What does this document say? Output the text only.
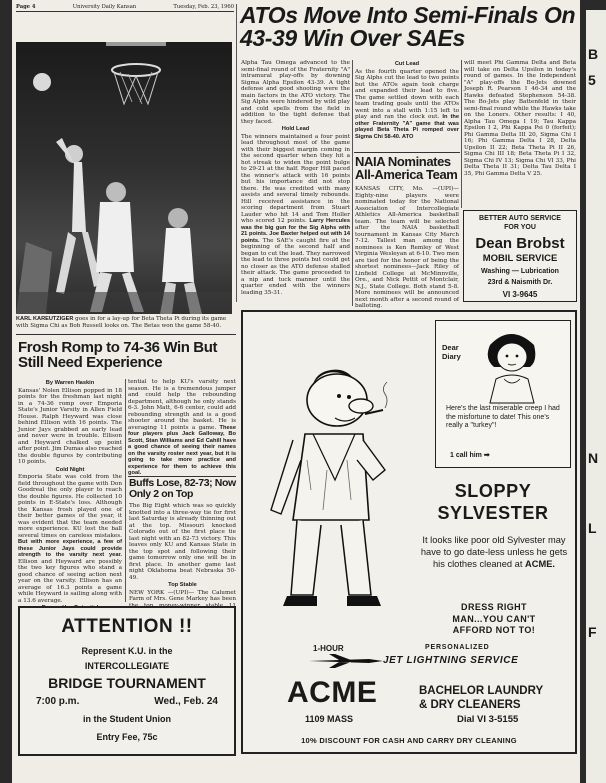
Page 4	University Daily Kansan	Tuesday, Feb. 23, 1960
KARL KAREUTZIGER goes in for a lay-up for Beta Theta Pi during its game with Sigma Chi as Bob Russell looks on. The Betas won the game 58-40.
ATOs Move Into Semi-Finals On 43-39 Win Over SAEs
Alpha Tau Omega advanced to the semi-final round of the Fraternity "A" intramural play-offs by downing Sigma Alpha Epsilon 43-39. A tight defense and good shooting were the main factors in the ATO victory. The Sig Alphs were hindered by wild play and cold spells from the field in addition to the tight defense that they faced.
Hold Lead
The winners maintained a four point lead throughout most of the game with their biggest margin coming in the second quarter when they hit a hot streak to widen the point bulge to 29-21 at the half. Roger Hill paced the winner's attack with 16 points but his importance did not stop there. He was credited with many assists and several timely rebounds. Hill received assistance in the scoring department from Stuart Lauder who hit 14 and Tom Holler who scored 12 points. Larry Hercules was the big gun for the Sig Alphs with 21 points. Joe Baxter helped out with 14 points. The SAE's caught fire at the beginning of the second half and began to cut the lead. They narrowed the lead to three points but could get no closer as the ATO defense stalled their attack. The game proceeded to a nip and tuck manner until the quarter ended with the winners leading 35-31.
Cut Lead
As the fourth quarter opened the Sig Alphs cut the lead to two points but the ATOs again took charge and expanded their lead to five. The game settled down with each team trading goals until the ATOs went into a stall with 1:15 left to play and ran the clock out. In the other Fraternity "A" game that was played Beta Theta Pi romped over Sigma Chi 58-40. ATO
will meet Phi Gamma Delta and Beta will take on Delta Upsilon in today's round of games. In the Independent "A" play-offs the Bo-Jets downed Joseph R. Pearson I 46-34 and the Hawks defeated Stephenson 54-38. The Bo-Jets play Battenfeld in their semi-final round while the Hawks take on the Loners. Other results: I 40, Alpha Tau Omega I 19; Tau Kappa Epsilon I 2, Phi Kappa Psi 0 (forfeit); Phi Gamma Delta III 20, Sigma Chi I 16; Phi Gamma Delta I 28, Delta Upsilon II 22; Beta Theta Pi II 26, Sigma Chi III 18; Beta Theta Pi I 32, Sigma Chi IV 13; Sigma Chi VI 33, Phi Delta Theta II 31; Delta Tau Delta I 35, Phi Gamma Delta V 25.
NAIA Nominates All-America Team
KANSAS CITY, Mo. —(UPI)— Eighty-nine players were nominated today for the National Association of Intercollegiate Athletics All-America basketball team. The team will be selected after the NAIA basketball tournament in Kansas City March 7-12. Tallest man among the nominees is Ken Remley of West Virginia Wesleyan at 6-10. Two men are tied for the honor of being the shortest nominees—Jack Riley of Linfield College at McMinnville, Ore., and Nick Pettit of Montclair, N.J., State College. Both stand 5-8. More nominees will be announced next month after a second round of balloting.
BETTER AUTO SERVICE
FOR YOU
Dean Brobst
MOBIL SERVICE
Washing — Lubrication
23rd & Naismith Dr.
VI 3-9645
Frosh Romp to 74-36 Win But Still Need Experience
By Warren Haskin
Kansas' Nolen Ellison popped in 18 points for the freshman last night in a 74-36 romp over Emporia State's Junior Varsity in Allen Field House. Ralph Heyward was close behind Ellison with 16 points. The Junior Jays grabbed an early lead and never were in trouble. Ellison and Heyward chalked up point after point. Jim Dumas also reached the double figures by contributing 10 points.
Cold Night
Emporia State was cold from the field throughout the game with Don Goodreal the only player to reach the double figures. He collected 10 points in E-State's loss. Although the Kansas frosh played one of their better games of the year, it was evident that the team needed more experience. KU lost the ball several times on careless mistakes. But with more experience, a few of these Junior Jays could provide strength to the varsity next year. Ellison and Heyward are possibly the two key figures who stand a good chance of seeing action next year on the varsity. Ellison has an average of 16.3 points a game while Heyward is sailing along with a 13.6 average.
tential to help KU's varsity next season. He is a tremendous jumper and could help the rebounding department, although he only stands 6-3. John Matt, 6-6 center, could add rebounding strength and is a good shooter around the basket. He is averaging 11 points a game. These four players plus Jack Galloway, Bo Scott, Stan Williams and Ed Cahill have a good chance of seeing their names on the varsity roster next year, but it is going to take more practice and experience for them to achieve this goal.
Buffs Lose, 82-73; Now Only 2 on Top
The Big Eight which was so quickly knotted into a three-way tie for first last Saturday is already thinning out at the top. Missouri knocked Colorado out of the first place tie last night with an 82-73 victory. This leaves only KU and Kansas State in the top spot and following their game tomorrow only one will be in first place. In another game last night Oklahoma beat Nebraska 50-49.
Top Stable
NEW YORK —(UPI)— The Calumet Farm of Mrs. Gene Markey has been
ATTENTION !!
Represent K.U. in the
INTERCOLLEGIATE
BRIDGE TOURNAMENT
7:00 p.m.	Wed., Feb. 24
in the Student Union
Entry Fee, 75c
Dear Diary
Here's the last miserable creep I had the misfortune to date! This one's really a "turkey"!
1 call him ➡
SLOPPY SYLVESTER
It looks like poor old Sylvester may have to go date-less unless he gets his clothes cleaned at ACME.
DRESS RIGHT
MAN...YOU CAN'T
AFFORD NOT TO!
1-HOUR	PERSONALIZED
JET LIGHTNING SERVICE
ACME
1109 MASS
BACHELOR LAUNDRY
& DRY CLEANERS
Dial VI 3-5155
10% DISCOUNT FOR CASH AND CARRY DRY CLEANING
B
5
N
L
F
